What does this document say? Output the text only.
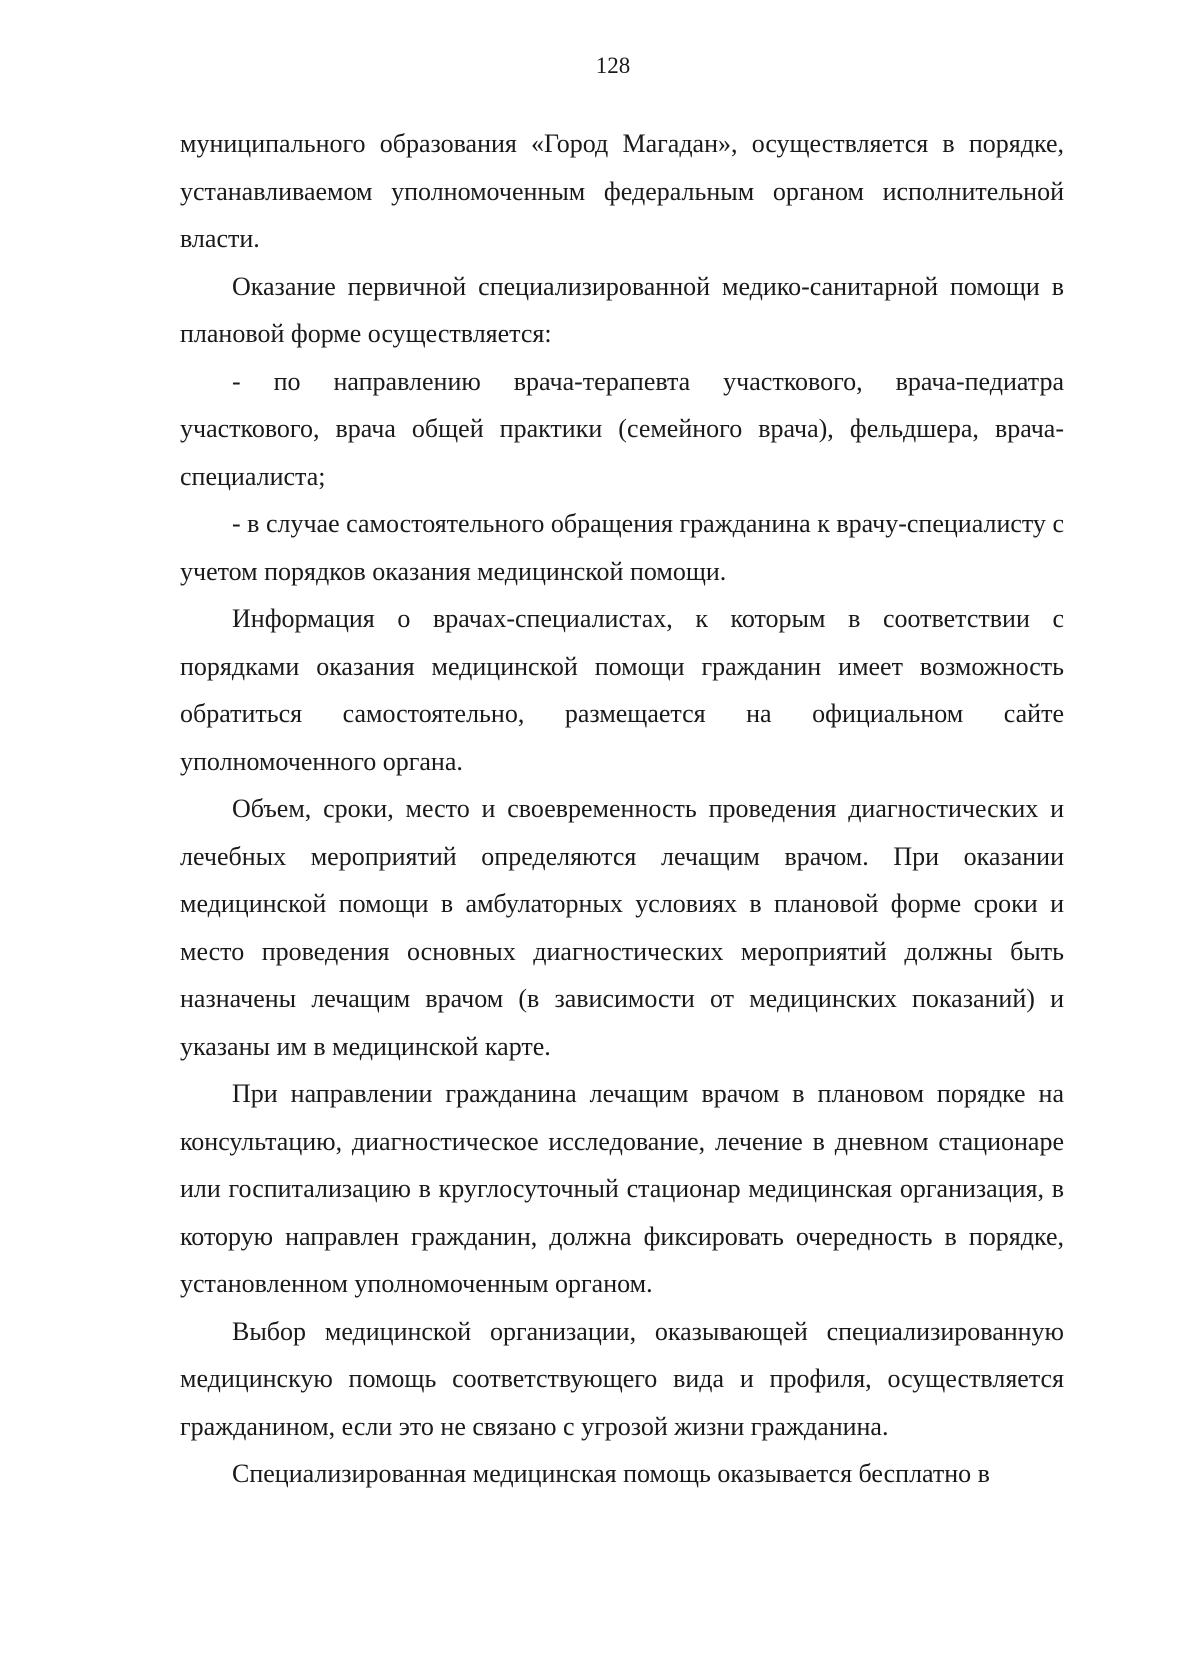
128

муниципального образования «Город Магадан», осуществляется в порядке, устанавливаемом уполномоченным федеральным органом исполнительной власти.

Оказание первичной специализированной медико-санитарной помощи в плановой форме осуществляется:

- по направлению врача-терапевта участкового, врача-педиатра участкового, врача общей практики (семейного врача), фельдшера, врача-специалиста;

- в случае самостоятельного обращения гражданина к врачу-специалисту с учетом порядков оказания медицинской помощи.

Информация о врачах-специалистах, к которым в соответствии с порядками оказания медицинской помощи гражданин имеет возможность обратиться самостоятельно, размещается на официальном сайте уполномоченного органа.

Объем, сроки, место и своевременность проведения диагностических и лечебных мероприятий определяются лечащим врачом. При оказании медицинской помощи в амбулаторных условиях в плановой форме сроки и место проведения основных диагностических мероприятий должны быть назначены лечащим врачом (в зависимости от медицинских показаний) и указаны им в медицинской карте.

При направлении гражданина лечащим врачом в плановом порядке на консультацию, диагностическое исследование, лечение в дневном стационаре или госпитализацию в круглосуточный стационар медицинская организация, в которую направлен гражданин, должна фиксировать очередность в порядке, установленном уполномоченным органом.

Выбор медицинской организации, оказывающей специализированную медицинскую помощь соответствующего вида и профиля, осуществляется гражданином, если это не связано с угрозой жизни гражданина.

Специализированная медицинская помощь оказывается бесплатно в
